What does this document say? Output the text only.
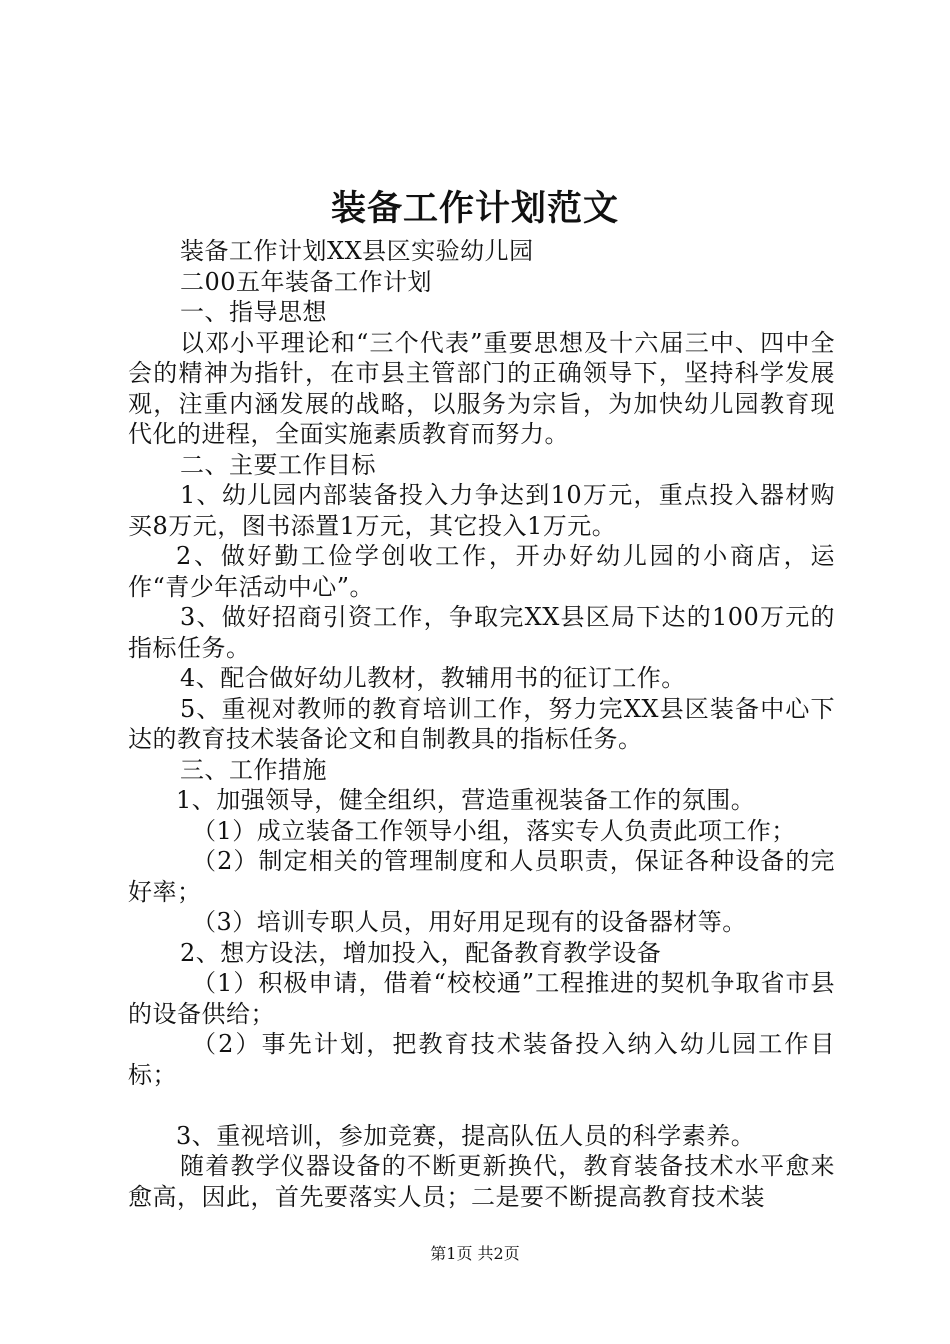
装备工作计划范文

装备工作计划XX县区实验幼儿园

二00五年装备工作计划

一、指导思想

以邓小平理论和“三个代表”重要思想及十六届三中、四中全会的精神为指针，在市县主管部门的正确领导下，坚持科学发展观，注重内涵发展的战略，以服务为宗旨，为加快幼儿园教育现代化的进程，全面实施素质教育而努力。

二、主要工作目标

1、幼儿园内部装备投入力争达到10万元，重点投入器材购买8万元，图书添置1万元，其它投入1万元。

2、做好勤工俭学创收工作，开办好幼儿园的小商店，运作“青少年活动中心”。

3、做好招商引资工作，争取完XX县区局下达的100万元的指标任务。

4、配合做好幼儿教材，教辅用书的征订工作。

5、重视对教师的教育培训工作，努力完XX县区装备中心下达的教育技术装备论文和自制教具的指标任务。

三、工作措施

1、加强领导，健全组织，营造重视装备工作的氛围。

（1）成立装备工作领导小组，落实专人负责此项工作；

（2）制定相关的管理制度和人员职责，保证各种设备的完好率；

（3）培训专职人员，用好用足现有的设备器材等。

2、想方设法，增加投入，配备教育教学设备

（1）积极申请，借着“校校通”工程推进的契机争取省市县的设备供给；

（2）事先计划，把教育技术装备投入纳入幼儿园工作目标；

3、重视培训，参加竞赛，提高队伍人员的科学素养。

随着教学仪器设备的不断更新换代，教育装备技术水平愈来愈高，因此，首先要落实人员；二是要不断提高教育技术装

第1页 共2页
